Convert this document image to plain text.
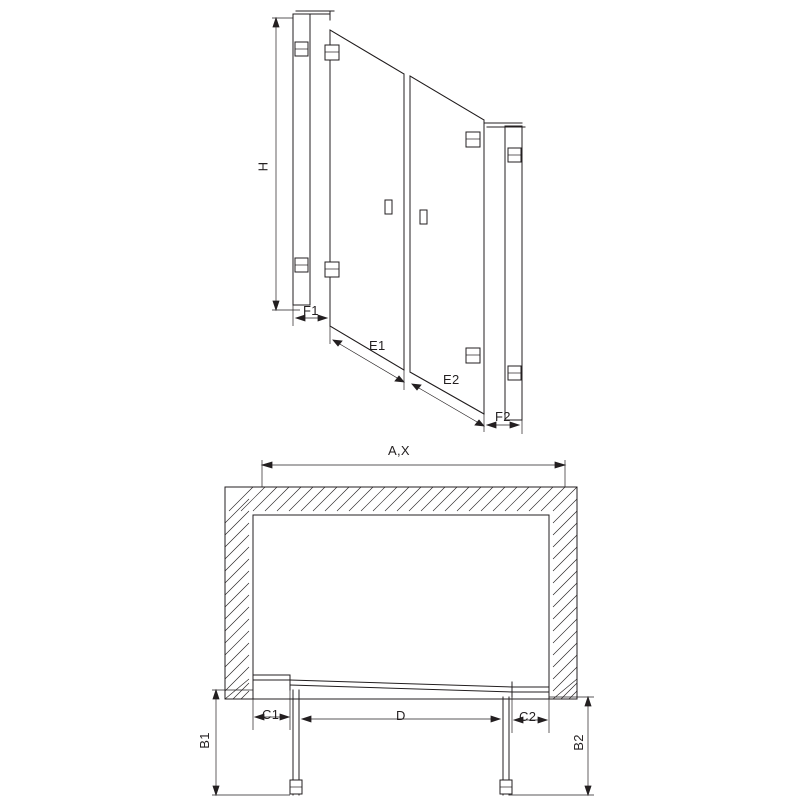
H
F1
E1
E2
F2
A,X
C1	D	C2
B1	B2
